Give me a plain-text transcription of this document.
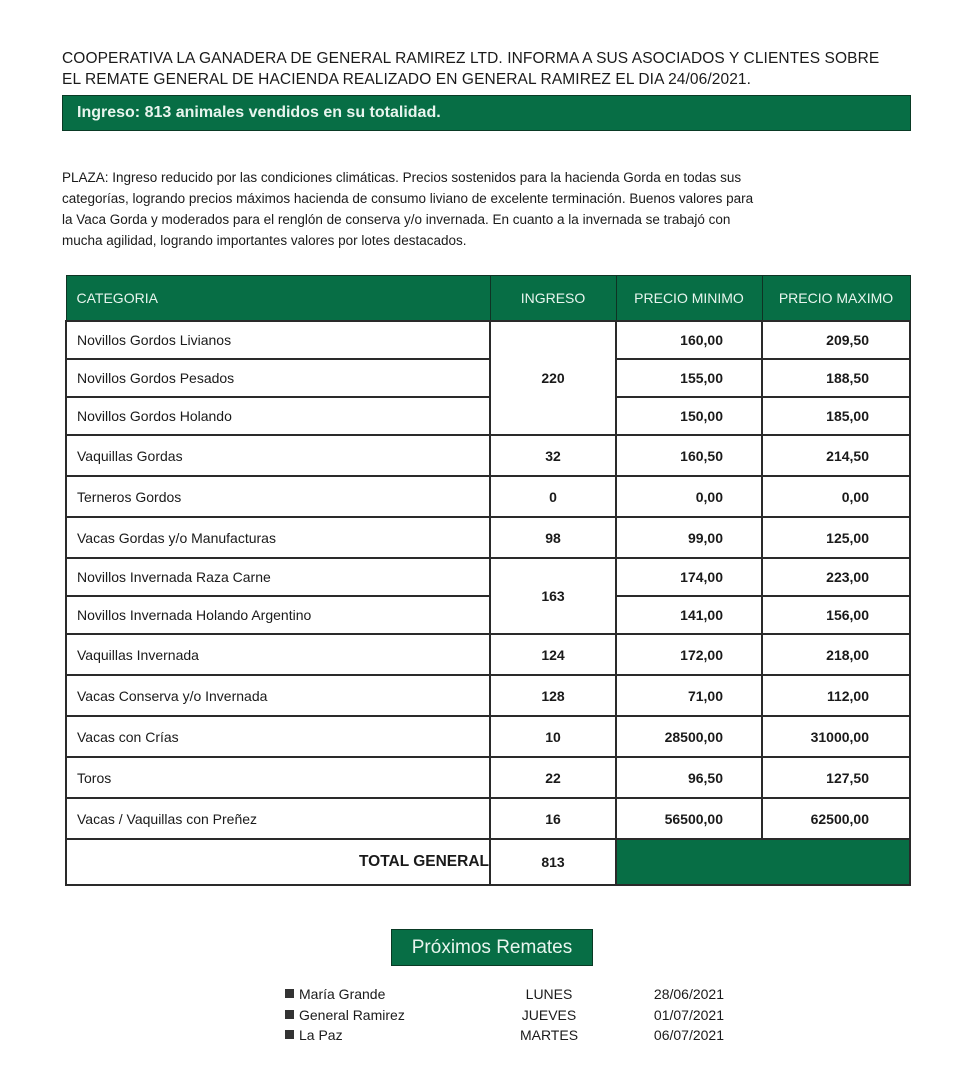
COOPERATIVA LA GANADERA DE GENERAL RAMIREZ LTD. INFORMA A SUS ASOCIADOS Y CLIENTES SOBRE
EL REMATE GENERAL DE HACIENDA REALIZADO EN GENERAL RAMIREZ EL DIA 24/06/2021.
Ingreso: 813 animales vendidos en su totalidad.
PLAZA: Ingreso reducido por las condiciones climáticas. Precios sostenidos para la hacienda Gorda en todas sus
categorías, logrando precios máximos hacienda de consumo liviano de excelente terminación. Buenos valores para
la Vaca Gorda y moderados para el renglón de conserva y/o invernada. En cuanto a la invernada se trabajó con
mucha agilidad, logrando importantes valores por lotes destacados.
CATEGORIA	INGRESO	PRECIO MINIMO	PRECIO MAXIMO
Novillos Gordos Livianos	220	160,00	209,50
Novillos Gordos Pesados		155,00	188,50
Novillos Gordos Holando		150,00	185,00
Vaquillas Gordas	32	160,50	214,50
Terneros Gordos	0	0,00	0,00
Vacas Gordas y/o Manufacturas	98	99,00	125,00
Novillos Invernada Raza Carne	163	174,00	223,00
Novillos Invernada Holando Argentino		141,00	156,00
Vaquillas Invernada	124	172,00	218,00
Vacas Conserva y/o Invernada	128	71,00	112,00
Vacas con Crías	10	28500,00	31000,00
Toros	22	96,50	127,50
Vacas / Vaquillas con Preñez	16	56500,00	62500,00
TOTAL GENERAL	813		
Próximos Remates
María Grande	LUNES	28/06/2021
General Ramirez	JUEVES	01/07/2021
La Paz	MARTES	06/07/2021
